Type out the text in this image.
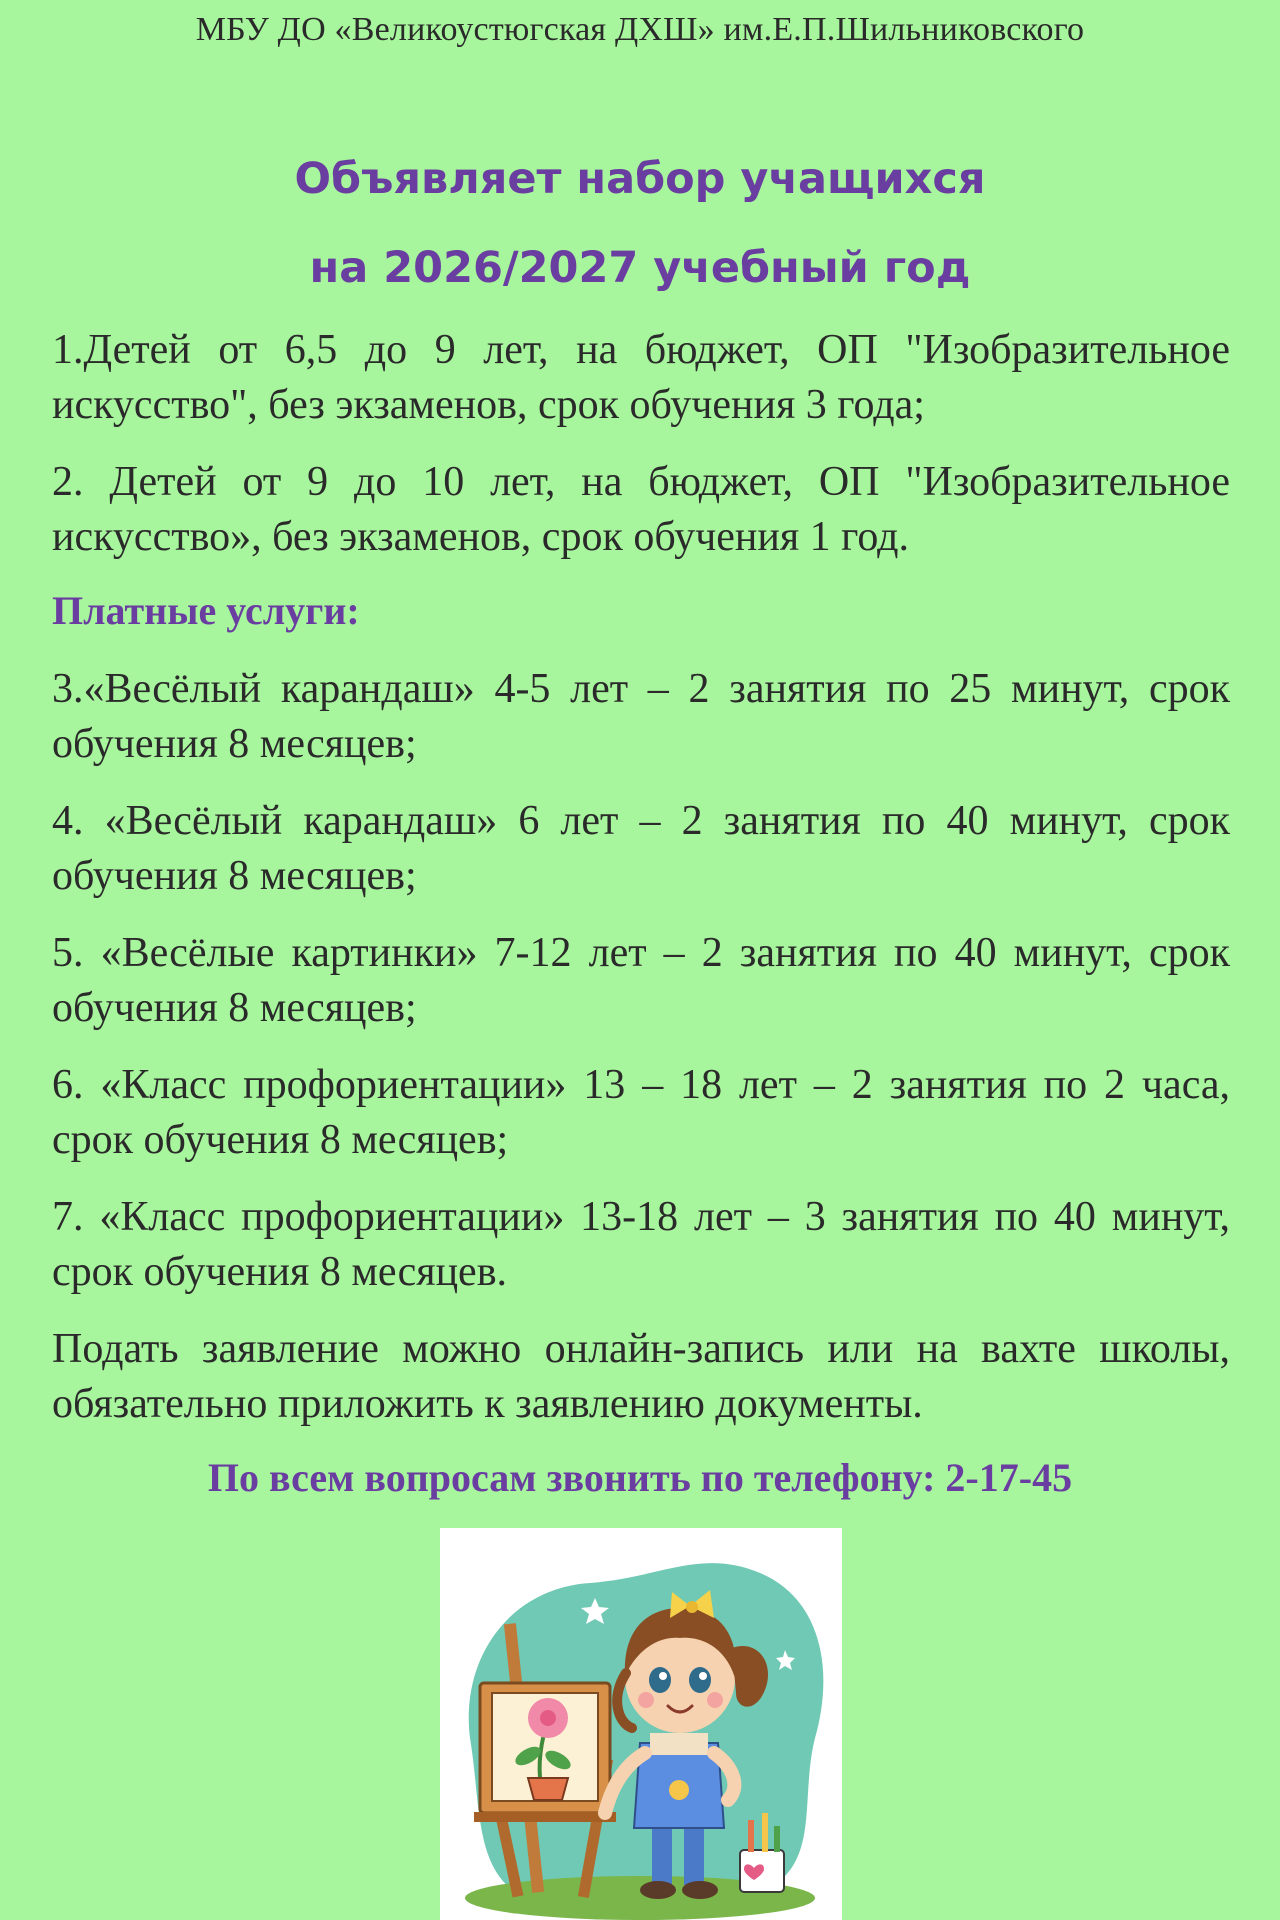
МБУ ДО «Великоустюгская ДХШ» им.Е.П.Шильниковского
Объявляет набор учащихся
на 2026/2027 учебный год
1.Детей от 6,5 до 9 лет, на бюджет, ОП "Изобразительное искусство", без экзаменов, срок обучения 3 года;
2. Детей от 9 до 10 лет, на бюджет, ОП "Изобразительное искусство», без экзаменов, срок обучения 1 год.
Платные услуги:
3.«Весёлый карандаш» 4-5 лет – 2 занятия по 25 минут, срок обучения 8 месяцев;
4. «Весёлый карандаш» 6 лет – 2 занятия по 40 минут, срок обучения 8 месяцев;
5. «Весёлые картинки» 7-12 лет – 2 занятия по 40 минут, срок обучения 8 месяцев;
6. «Класс профориентации» 13 – 18 лет – 2 занятия по 2 часа, срок обучения 8 месяцев;
7. «Класс профориентации» 13-18 лет – 3 занятия по 40 минут, срок обучения 8 месяцев.
Подать заявление можно онлайн-запись или на вахте школы, обязательно приложить к заявлению документы.
По всем вопросам звонить по телефону: 2-17-45
